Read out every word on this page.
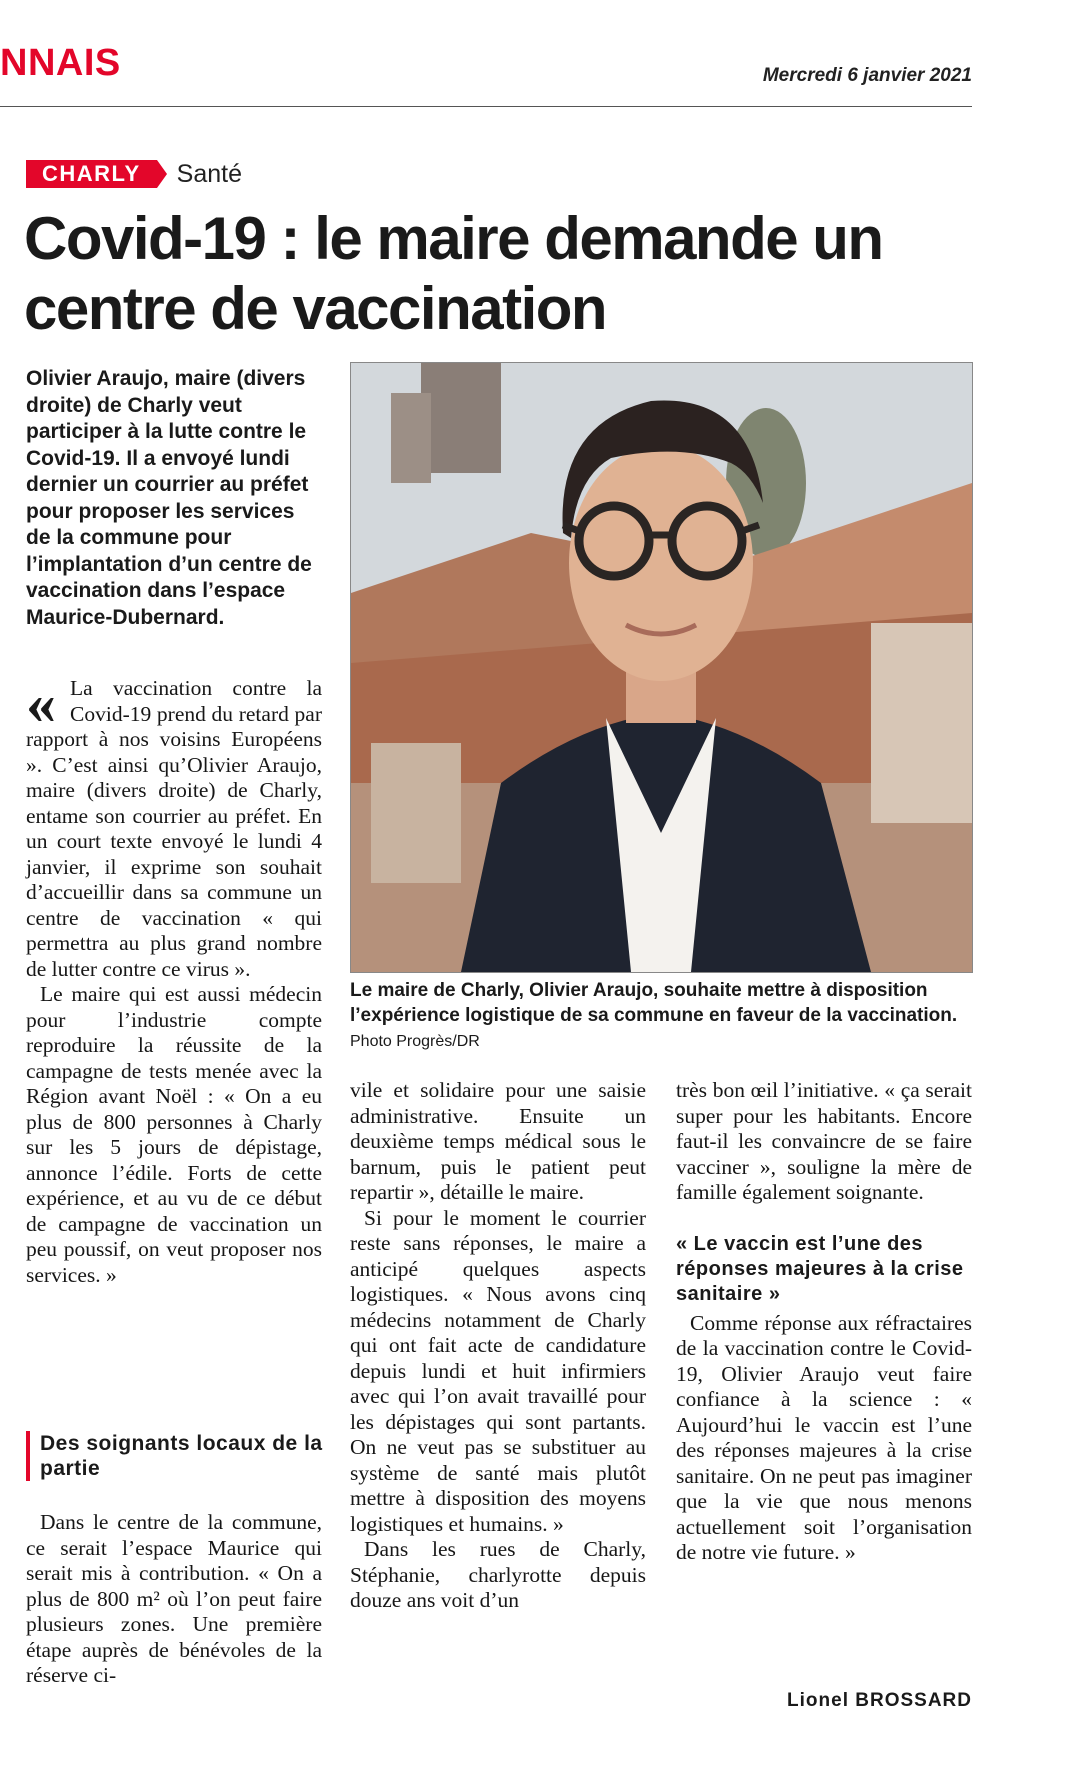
NNAIS	Mercredi 6 janvier 2021
CHARLY	Santé
Covid-19 : le maire demande un centre de vaccination

Olivier Araujo, maire (divers droite) de Charly veut participer à la lutte contre le Covid-19. Il a envoyé lundi dernier un courrier au préfet pour proposer les services de la commune pour l’implantation d’un centre de vaccination dans l’espace Maurice-Dubernard.

Le maire de Charly, Olivier Araujo, souhaite mettre à disposition l’expérience logistique de sa commune en faveur de la vaccination. Photo Progrès/DR

« La vaccination contre la Covid-19 prend du retard par rapport à nos voisins Européens ». C’est ainsi qu’Olivier Araujo, maire (divers droite) de Charly, entame son courrier au préfet. En un court texte envoyé le lundi 4 janvier, il exprime son souhait d’accueillir dans sa commune un centre de vaccination « qui permettra au plus grand nombre de lutter contre ce virus ».

Le maire qui est aussi médecin pour l’industrie compte reproduire la réussite de la campagne de tests menée avec la Région avant Noël : « On a eu plus de 800 personnes à Charly sur les 5 jours de dépistage, annonce l’édile. Forts de cette expérience, et au vu de ce début de campagne de vaccination un peu poussif, on veut proposer nos services. »

Des soignants locaux de la partie

Dans le centre de la commune, ce serait l’espace Maurice qui serait mis à contribution. « On a plus de 800 m² où l’on peut faire plusieurs zones. Une première étape auprès de bénévoles de la réserve ci-

vile et solidaire pour une saisie administrative. Ensuite un deuxième temps médical sous le barnum, puis le patient peut repartir », détaille le maire.

Si pour le moment le courrier reste sans réponses, le maire a anticipé quelques aspects logistiques. « Nous avons cinq médecins notamment de Charly qui ont fait acte de candidature depuis lundi et huit infirmiers avec qui l’on avait travaillé pour les dépistages qui sont partants. On ne veut pas se substituer au système de santé mais plutôt mettre à disposition des moyens logistiques et humains. »

Dans les rues de Charly, Stéphanie, charlyrotte depuis douze ans voit d’un

très bon œil l’initiative. « ça serait super pour les habitants. Encore faut-il les convaincre de se faire vacciner », souligne la mère de famille également soignante.

« Le vaccin est l’une des réponses majeures à la crise sanitaire »

Comme réponse aux réfractaires de la vaccination contre le Covid-19, Olivier Araujo veut faire confiance à la science : « Aujourd’hui le vaccin est l’une des réponses majeures à la crise sanitaire. On ne peut pas imaginer que la vie que nous menons actuellement soit l’organisation de notre vie future. »

Lionel BROSSARD
